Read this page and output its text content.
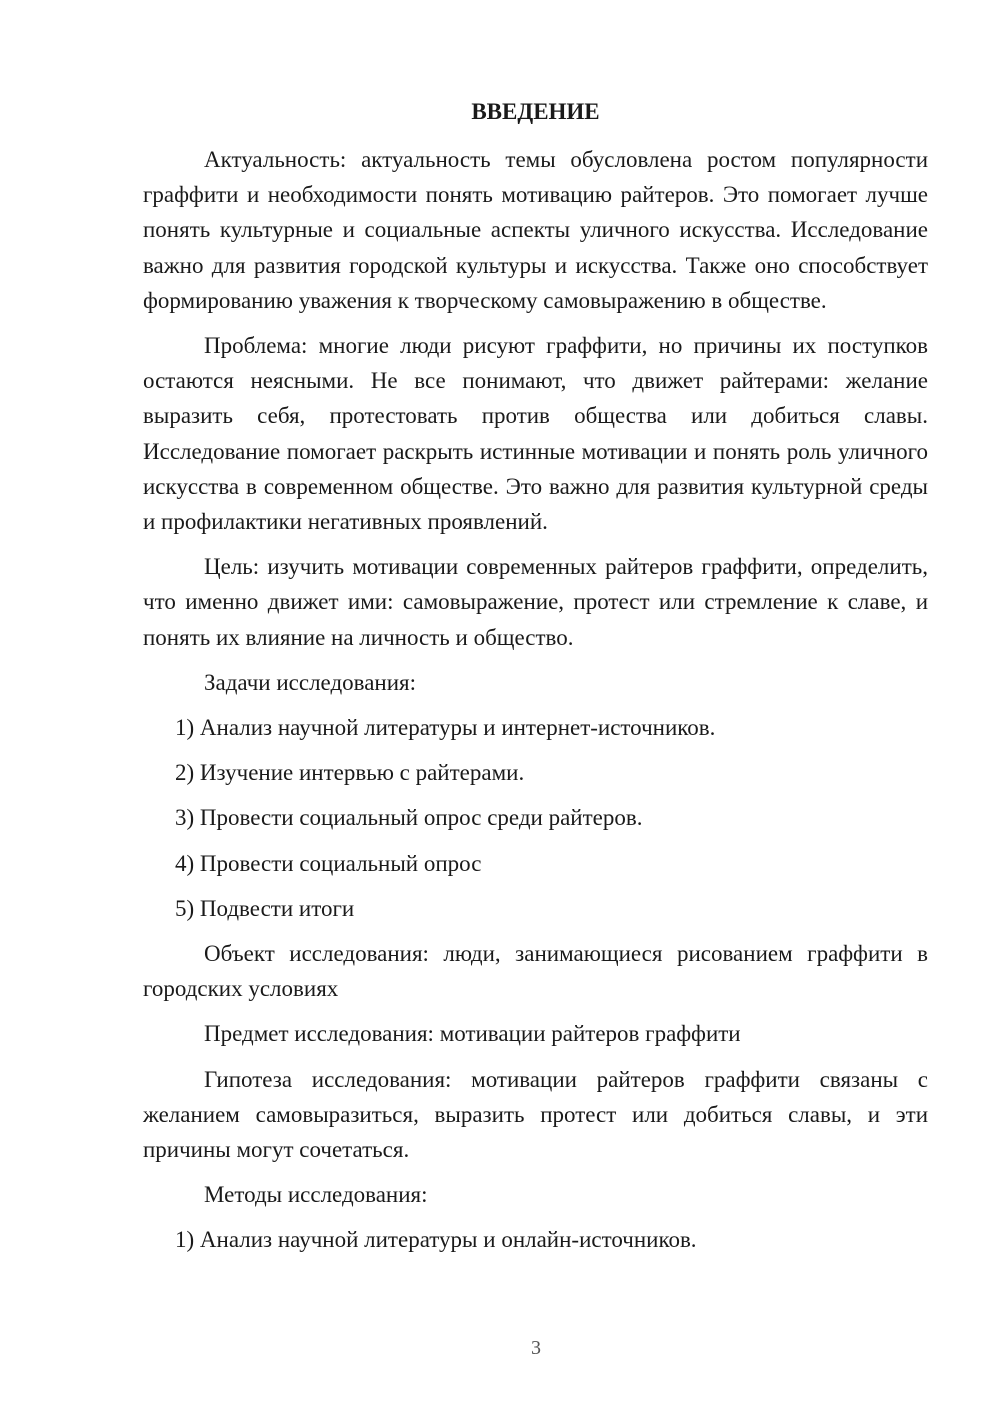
ВВЕДЕНИЕ

Актуальность: актуальность темы обусловлена ростом популярности граффити и необходимости понять мотивацию райтеров. Это помогает лучше понять культурные и социальные аспекты уличного искусства. Исследование важно для развития городской культуры и искусства. Также оно способствует формированию уважения к творческому самовыражению в обществе.

Проблема: многие люди рисуют граффити, но причины их поступков остаются неясными. Не все понимают, что движет райтерами: желание выразить себя, протестовать против общества или добиться славы. Исследование помогает раскрыть истинные мотивации и понять роль уличного искусства в современном обществе. Это важно для развития культурной среды и профилактики негативных проявлений.

Цель: изучить мотивации современных райтеров граффити, определить, что именно движет ими: самовыражение, протест или стремление к славе, и понять их влияние на личность и общество.

Задачи исследования:

1) Анализ научной литературы и интернет-источников.

2) Изучение интервью с райтерами.

3) Провести социальный опрос среди райтеров.

4) Провести социальный опрос

5) Подвести итоги

Объект исследования: люди, занимающиеся рисованием граффити в городских условиях

Предмет исследования: мотивации райтеров граффити

Гипотеза исследования: мотивации райтеров граффити связаны с желанием самовыразиться, выразить протест или добиться славы, и эти причины могут сочетаться.

Методы исследования:

1) Анализ научной литературы и онлайн-источников.

3
